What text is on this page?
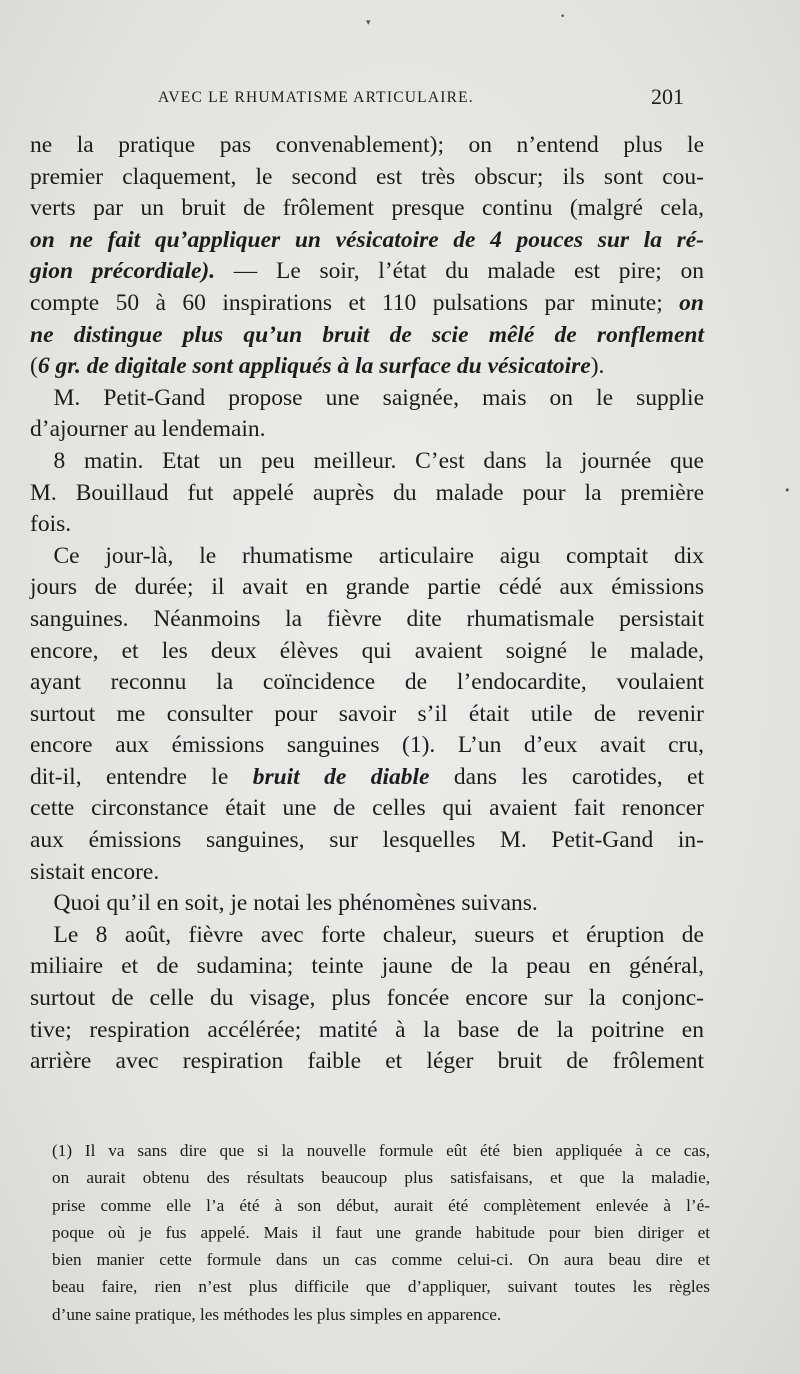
AVEC LE RHUMATISME ARTICULAIRE.	201
ne la pratique pas convenablement); on n’entend plus le
premier claquement, le second est très obscur; ils sont cou-
verts par un bruit de frôlement presque continu (malgré cela,
on ne fait qu’appliquer un vésicatoire de 4 pouces sur la ré-
gion précordiale). — Le soir, l’état du malade est pire; on
compte 50 à 60 inspirations et 110 pulsations par minute; on
ne distingue plus qu’un bruit de scie mêlé de ronflement
(6 gr. de digitale sont appliqués à la surface du vésicatoire).
 M. Petit-Gand propose une saignée, mais on le supplie
d’ajourner au lendemain.
 8 matin. Etat un peu meilleur. C’est dans la journée que
M. Bouillaud fut appelé auprès du malade pour la première
fois.
 Ce jour-là, le rhumatisme articulaire aigu comptait dix
jours de durée; il avait en grande partie cédé aux émissions
sanguines. Néanmoins la fièvre dite rhumatismale persistait
encore, et les deux élèves qui avaient soigné le malade,
ayant reconnu la coïncidence de l’endocardite, voulaient
surtout me consulter pour savoir s’il était utile de revenir
encore aux émissions sanguines (1). L’un d’eux avait cru,
dit-il, entendre le bruit de diable dans les carotides, et
cette circonstance était une de celles qui avaient fait renoncer
aux émissions sanguines, sur lesquelles M. Petit-Gand in-
sistait encore.
 Quoi qu’il en soit, je notai les phénomènes suivans.
 Le 8 août, fièvre avec forte chaleur, sueurs et éruption de
miliaire et de sudamina; teinte jaune de la peau en général,
surtout de celle du visage, plus foncée encore sur la conjonc-
tive; respiration accélérée; matité à la base de la poitrine en
arrière avec respiration faible et léger bruit de frôlement
(1) Il va sans dire que si la nouvelle formule eût été bien appliquée à ce cas,
on aurait obtenu des résultats beaucoup plus satisfaisans, et que la maladie,
prise comme elle l’a été à son début, aurait été complètement enlevée à l’é-
poque où je fus appelé. Mais il faut une grande habitude pour bien diriger et
bien manier cette formule dans un cas comme celui-ci. On aura beau dire et
beau faire, rien n’est plus difficile que d’appliquer, suivant toutes les règles
d’une saine pratique, les méthodes les plus simples en apparence.
•
•
▾
